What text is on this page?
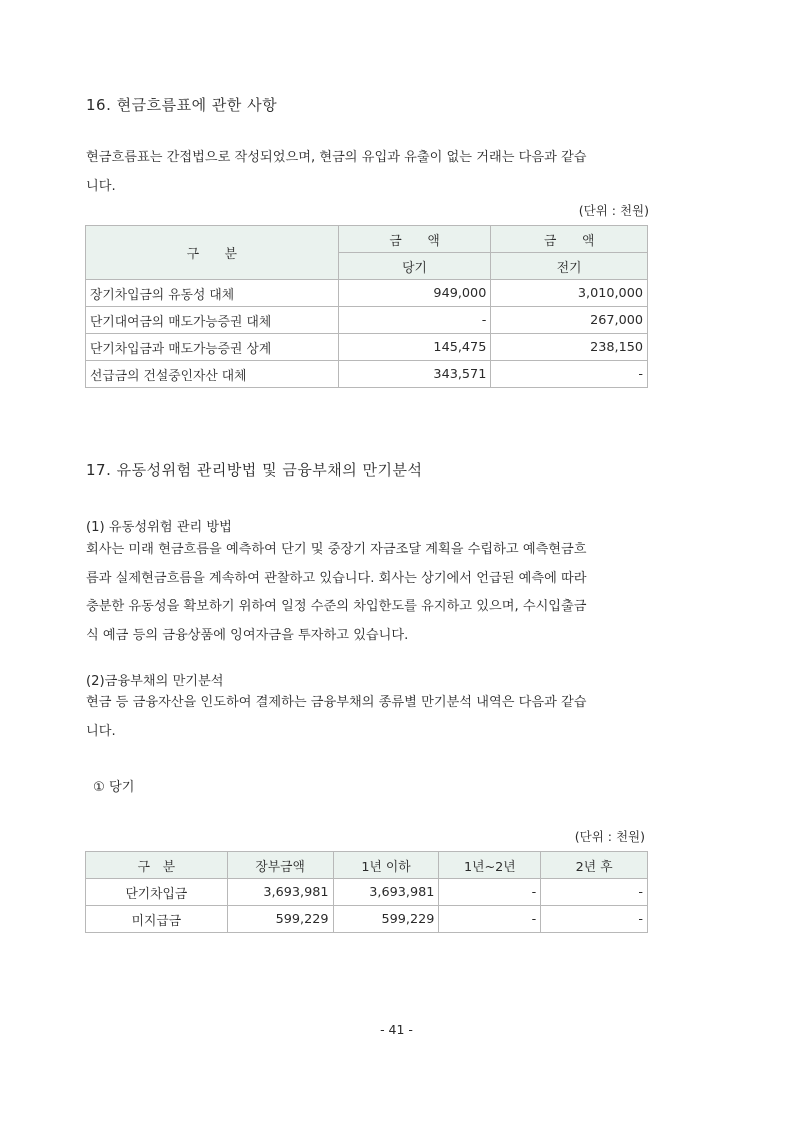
16. 현금흐름표에 관한 사항
현금흐름표는 간접법으로 작성되었으며, 현금의 유입과 유출이 없는 거래는 다음과 같습
니다.
(단위 : 천원)
구　　분	금　　액	금　　액
	당기	전기
장기차입금의 유동성 대체	949,000	3,010,000
단기대여금의 매도가능증권 대체	-	267,000
단기차입금과 매도가능증권 상계	145,475	238,150
선급금의 건설중인자산 대체	343,571	-
17. 유동성위험 관리방법 및 금융부채의 만기분석
(1) 유동성위험 관리 방법
회사는 미래 현금흐름을 예측하여 단기 및 중장기 자금조달 계획을 수립하고 예측현금흐
름과 실제현금흐름을 계속하여 관찰하고 있습니다. 회사는 상기에서 언급된 예측에 따라
충분한 유동성을 확보하기 위하여 일정 수준의 차입한도를 유지하고 있으며, 수시입출금
식 예금 등의 금융상품에 잉여자금을 투자하고 있습니다.
(2)금융부채의 만기분석
현금 등 금융자산을 인도하여 결제하는 금융부채의 종류별 만기분석 내역은 다음과 같습
니다.
① 당기
(단위 : 천원)
구　분	장부금액	1년 이하	1년~2년	2년 후
단기차입금	3,693,981	3,693,981	-	-
미지급금	599,229	599,229	-	-
- 41 -
